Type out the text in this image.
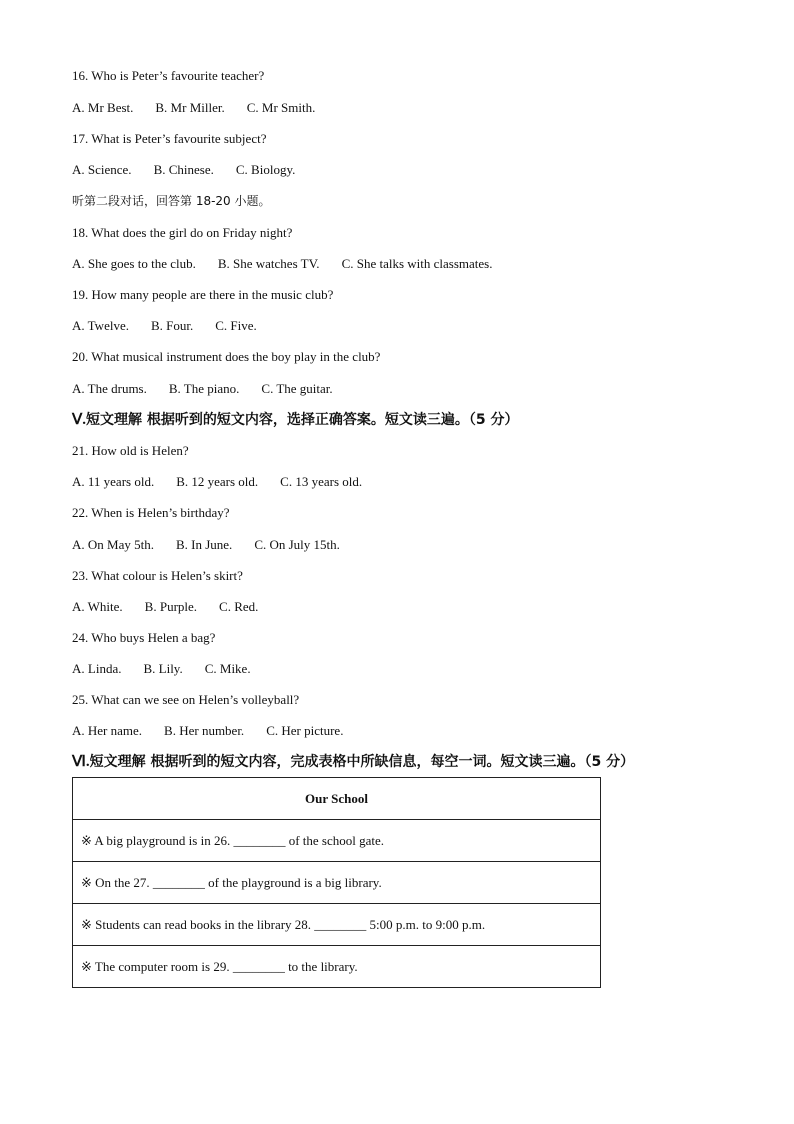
16. Who is Peter’s favourite teacher?
A. Mr Best. B. Mr Miller. C. Mr Smith.
17. What is Peter’s favourite subject?
A. Science. B. Chinese. C. Biology.
听第二段对话，回答第 18-20 小题。
18. What does the girl do on Friday night?
A. She goes to the club. B. She watches TV. C. She talks with classmates.
19. How many people are there in the music club?
A. Twelve. B. Four. C. Five.
20. What musical instrument does the boy play in the club?
A. The drums. B. The piano. C. The guitar.
Ⅴ.短文理解 根据听到的短文内容，选择正确答案。短文读三遍。（5 分）
21. How old is Helen?
A. 11 years old. B. 12 years old. C. 13 years old.
22. When is Helen’s birthday?
A. On May 5th. B. In June. C. On July 15th.
23. What colour is Helen’s skirt?
A. White. B. Purple. C. Red.
24. Who buys Helen a bag?
A. Linda. B. Lily. C. Mike.
25. What can we see on Helen’s volleyball?
A. Her name. B. Her number. C. Her picture.
Ⅵ.短文理解 根据听到的短文内容，完成表格中所缺信息，每空一词。短文读三遍。（5 分）
Our School
※ A big playground is in 26. ________ of the school gate.
※ On the 27. ________ of the playground is a big library.
※ Students can read books in the library 28. ________ 5:00 p.m. to 9:00 p.m.
※ The computer room is 29. ________ to the library.
